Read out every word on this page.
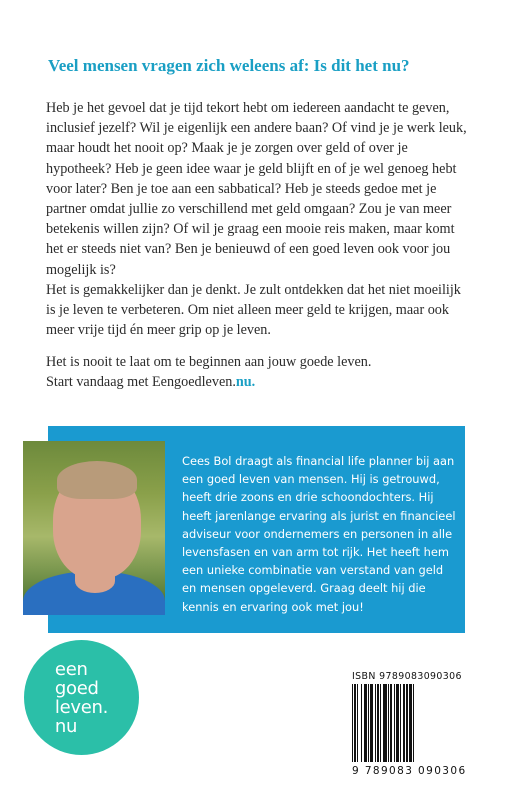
Veel mensen vragen zich weleens af: Is dit het nu?

Heb je het gevoel dat je tijd tekort hebt om iedereen aandacht te geven, inclusief jezelf? Wil je eigenlijk een andere baan? Of vind je je werk leuk, maar houdt het nooit op? Maak je je zorgen over geld of over je hypotheek? Heb je geen idee waar je geld blijft en of je wel genoeg hebt voor later? Ben je toe aan een sabbatical? Heb je steeds gedoe met je partner omdat jullie zo verschillend met geld omgaan? Zou je van meer betekenis willen zijn? Of wil je graag een mooie reis maken, maar komt het er steeds niet van? Ben je benieuwd of een goed leven ook voor jou mogelijk is?

Het is gemakkelijker dan je denkt. Je zult ontdekken dat het niet moeilijk is je leven te verbeteren. Om niet alleen meer geld te krijgen, maar ook meer vrije tijd én meer grip op je leven.

Het is nooit te laat om te beginnen aan jouw goede leven.
Start vandaag met Eengoedleven.nu.

Cees Bol draagt als financial life planner bij aan een goed leven van mensen. Hij is getrouwd, heeft drie zoons en drie schoondochters. Hij heeft jarenlange ervaring als jurist en financieel adviseur voor ondernemers en personen in alle levensfasen en van arm tot rijk. Het heeft hem een unieke combinatie van verstand van geld en mensen opgeleverd. Graag deelt hij die kennis en ervaring ook met jou!

een
goed
leven.
nu
ISBN 9789083090306
9 789083 090306
